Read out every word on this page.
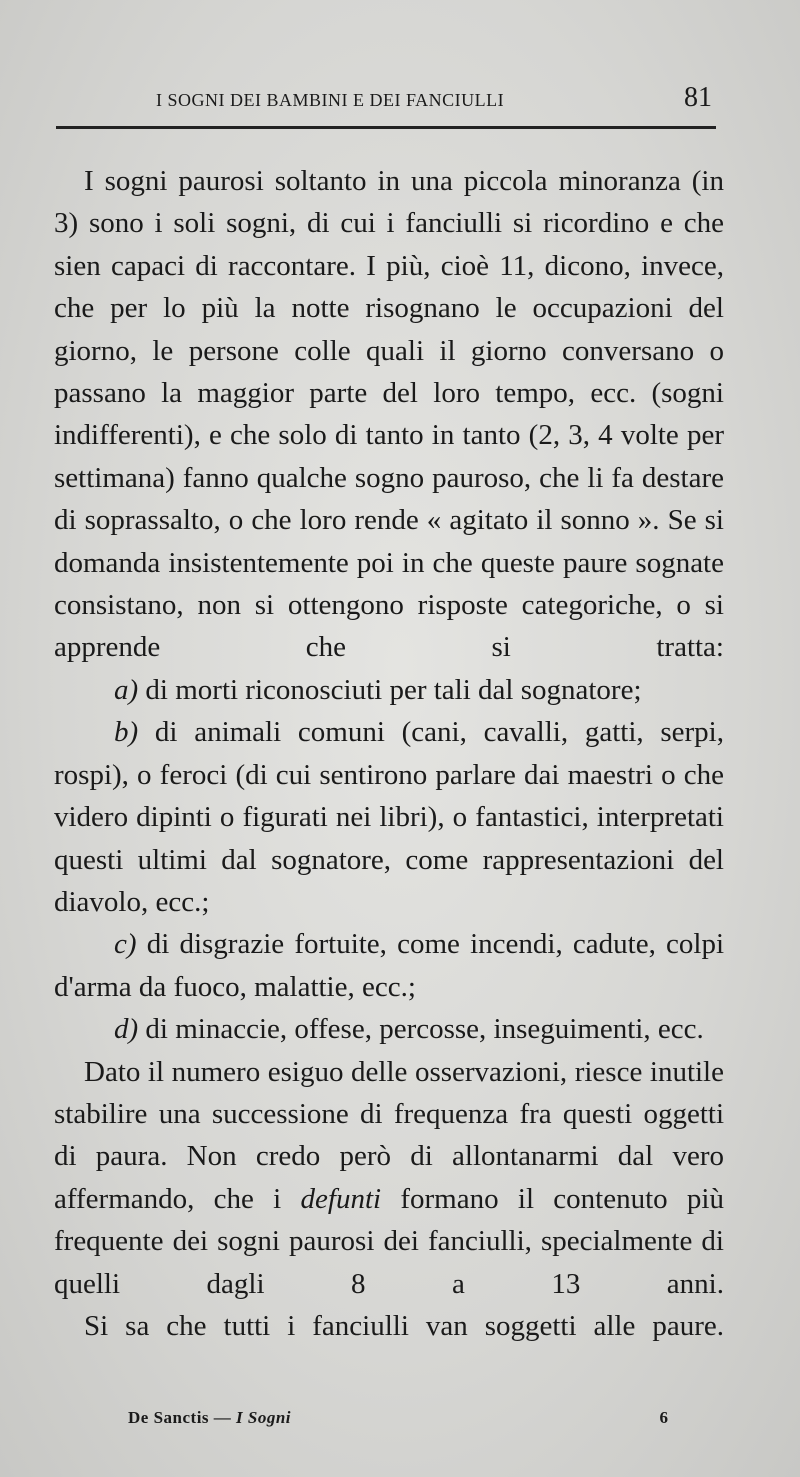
I SOGNI DEI BAMBINI E DEI FANCIULLI	81

I sogni paurosi soltanto in una piccola minoranza (in 3) sono i soli sogni, di cui i fanciulli si ricordino e che sien capaci di raccontare. I più, cioè 11, dicono, invece, che per lo più la notte risognano le occupazioni del giorno, le persone colle quali il giorno conversano o passano la maggior parte del loro tempo, ecc. (sogni indifferenti), e che solo di tanto in tanto (2, 3, 4 volte per settimana) fanno qualche sogno pauroso, che li fa destare di soprassalto, o che loro rende « agitato il sonno ». Se si domanda insistentemente poi in che queste paure sognate consistano, non si ottengono risposte categoriche, o si apprende che si tratta:

a) di morti riconosciuti per tali dal sognatore;

b) di animali comuni (cani, cavalli, gatti, serpi, rospi), o feroci (di cui sentirono parlare dai maestri o che videro dipinti o figurati nei libri), o fantastici, interpretati questi ultimi dal sognatore, come rappresentazioni del diavolo, ecc.;

c) di disgrazie fortuite, come incendi, cadute, colpi d'arma da fuoco, malattie, ecc.;

d) di minaccie, offese, percosse, inseguimenti, ecc.

Dato il numero esiguo delle osservazioni, riesce inutile stabilire una successione di frequenza fra questi oggetti di paura. Non credo però di allontanarmi dal vero affermando, che i defunti formano il contenuto più frequente dei sogni paurosi dei fanciulli, specialmente di quelli dagli 8 a 13 anni.

Si sa che tutti i fanciulli van soggetti alle paure.

De Sanctis — I Sogni	6
